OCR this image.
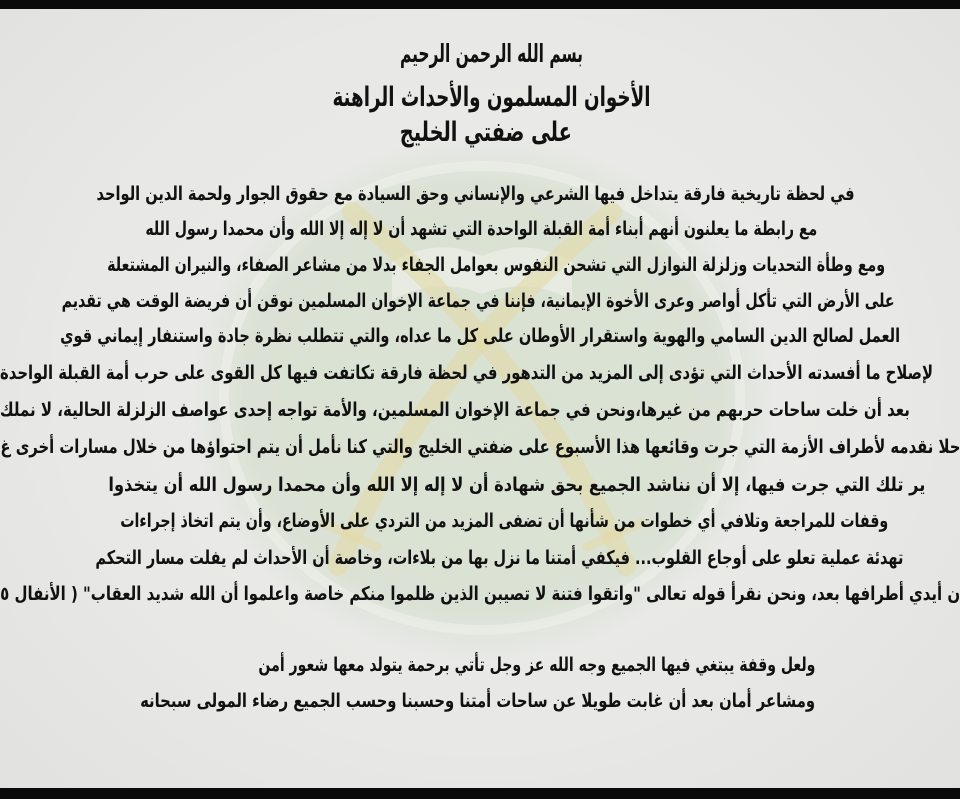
بسم الله الرحمن الرحيم
الأخوان المسلمون والأحداث الراهنة
على ضفتي الخليج
في لحظة تاريخية فارقة يتداخل فيها الشرعي والإنساني وحق السيادة مع حقوق الجوار ولحمة الدين الواحد
مع رابطة ما يعلنون أنهم أبناء أمة القبلة الواحدة التي تشهد أن لا إله إلا الله وأن محمدا رسول الله
ومع وطأة التحديات وزلزلة النوازل التي تشحن النفوس بعوامل الجفاء بدلا من مشاعر الصفاء، والنيران المشتعلة
على الأرض التي تأكل أواصر وعرى الأخوة الإيمانية، فإننا في جماعة الإخوان المسلمين نوقن أن فريضة الوقت هي تقديم
العمل لصالح الدين السامي والهوية واستقرار الأوطان على كل ما عداه، والتي تتطلب نظرة جادة واستنفار إيماني قوي
لإصلاح ما أفسدته الأحداث التي تؤدى إلى المزيد من التدهور في لحظة فارقة تكاتفت فيها كل القوى على حرب أمة القبلة الواحدة
بعد أن خلت ساحات حربهم من غيرها،ونحن في جماعة الإخوان المسلمين، والأمة تواجه إحدى عواصف الزلزلة الحالية، لا نملك
حلا نقدمه لأطراف الأزمة التي جرت وقائعها هذا الأسبوع على ضفتي الخليج والتي كنا نأمل أن يتم احتواؤها من خلال مسارات أخرى غ
ير تلك التي جرت فيها، إلا أن نناشد الجميع بحق شهادة أن لا إله إلا الله وأن محمدا رسول الله أن يتخذوا
وقفات للمراجعة وتلافي أي خطوات من شأنها أن تضفى المزيد من التردي على الأوضاع، وأن يتم اتخاذ إجراءات
تهدئة عملية تعلو على أوجاع القلوب... فيكفي أمتنا ما نزل بها من بلاءات، وخاصة أن الأحداث لم يفلت مسار التحكم
ن أيدي أطرافها بعد، ونحن نقرأ قوله تعالى "واتقوا فتنة لا تصيبن الذين ظلموا منكم خاصة واعلموا أن الله شديد العقاب" ( الأنفال ٥
ولعل وقفة يبتغي فيها الجميع وجه الله عز وجل تأتي برحمة يتولد معها شعور أمن
ومشاعر أمان بعد أن غابت طويلا عن ساحات أمتنا وحسبنا وحسب الجميع رضاء المولى سبحانه
